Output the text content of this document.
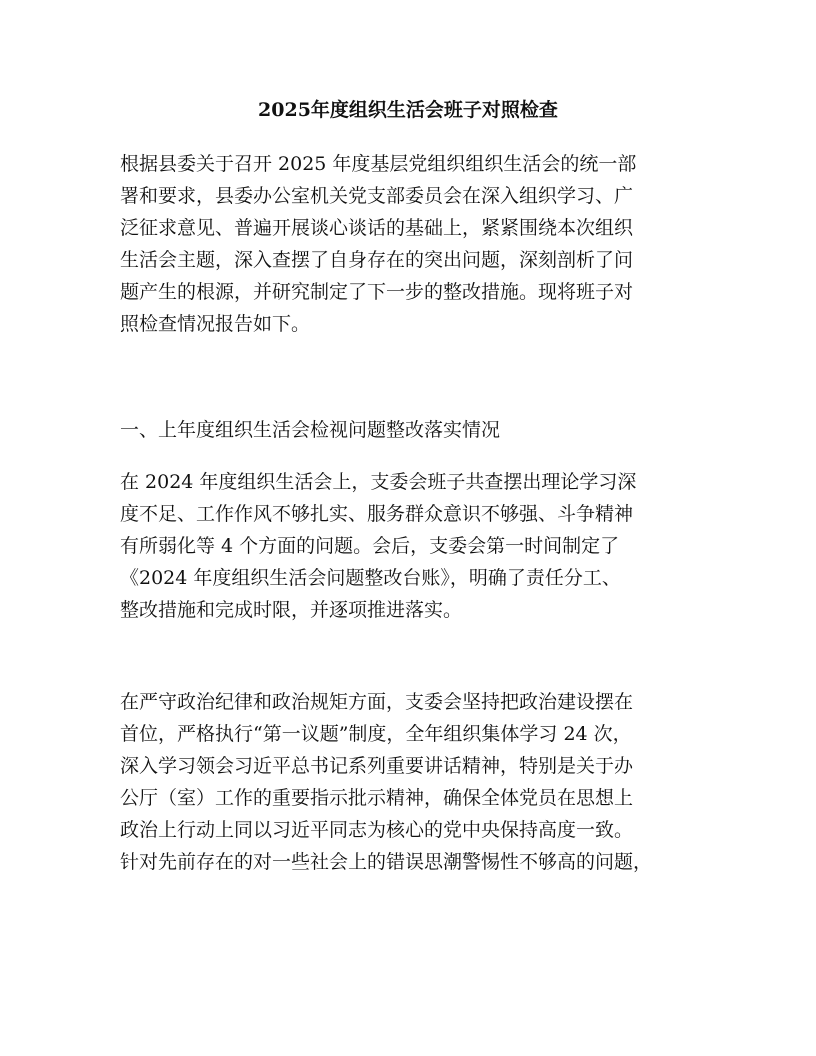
2025年度组织生活会班子对照检查

根据县委关于召开 2025 年度基层党组织组织生活会的统一部
署和要求，县委办公室机关党支部委员会在深入组织学习、广
泛征求意见、普遍开展谈心谈话的基础上，紧紧围绕本次组织
生活会主题，深入查摆了自身存在的突出问题，深刻剖析了问
题产生的根源，并研究制定了下一步的整改措施。现将班子对
照检查情况报告如下。

一、上年度组织生活会检视问题整改落实情况

在 2024 年度组织生活会上，支委会班子共查摆出理论学习深
度不足、工作作风不够扎实、服务群众意识不够强、斗争精神
有所弱化等 4 个方面的问题。会后，支委会第一时间制定了
《2024 年度组织生活会问题整改台账》，明确了责任分工、
整改措施和完成时限，并逐项推进落实。

在严守政治纪律和政治规矩方面，支委会坚持把政治建设摆在
首位，严格执行“第一议题”制度，全年组织集体学习 24 次，
深入学习领会习近平总书记系列重要讲话精神，特别是关于办
公厅（室）工作的重要指示批示精神，确保全体党员在思想上
政治上行动上同以习近平同志为核心的党中央保持高度一致。
针对先前存在的对一些社会上的错误思潮警惕性不够高的问题，
